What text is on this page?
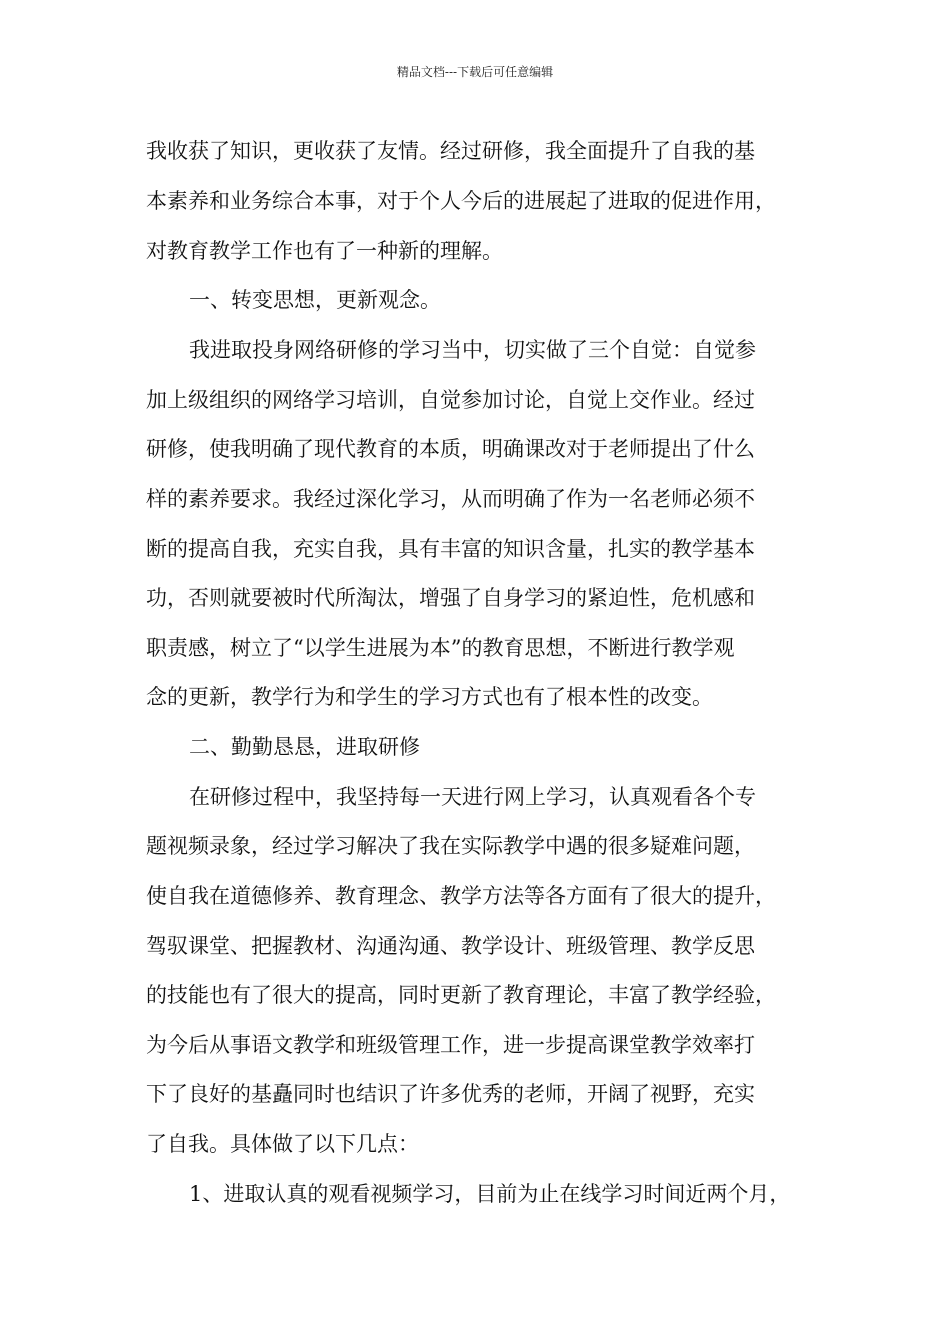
精品文档---下载后可任意编辑
我收获了知识，更收获了友情。经过研修，我全面提升了自我的基
本素养和业务综合本事，对于个人今后的进展起了进取的促进作用，
对教育教学工作也有了一种新的理解。
一、转变思想，更新观念。
我进取投身网络研修的学习当中，切实做了三个自觉：自觉参
加上级组织的网络学习培训，自觉参加讨论，自觉上交作业。经过
研修，使我明确了现代教育的本质，明确课改对于老师提出了什么
样的素养要求。我经过深化学习，从而明确了作为一名老师必须不
断的提高自我，充实自我，具有丰富的知识含量，扎实的教学基本
功，否则就要被时代所淘汰，增强了自身学习的紧迫性，危机感和
职责感，树立了“以学生进展为本”的教育思想，不断进行教学观
念的更新，教学行为和学生的学习方式也有了根本性的改变。
二、勤勤恳恳，进取研修
在研修过程中，我坚持每一天进行网上学习，认真观看各个专
题视频录象，经过学习解决了我在实际教学中遇的很多疑难问题，
使自我在道德修养、教育理念、教学方法等各方面有了很大的提升，
驾驭课堂、把握教材、沟通沟通、教学设计、班级管理、教学反思
的技能也有了很大的提高，同时更新了教育理论，丰富了教学经验，
为今后从事语文教学和班级管理工作，进一步提高课堂教学效率打
下了良好的基矗同时也结识了许多优秀的老师，开阔了视野，充实
了自我。具体做了以下几点：
1、进取认真的观看视频学习，目前为止在线学习时间近两个月，
